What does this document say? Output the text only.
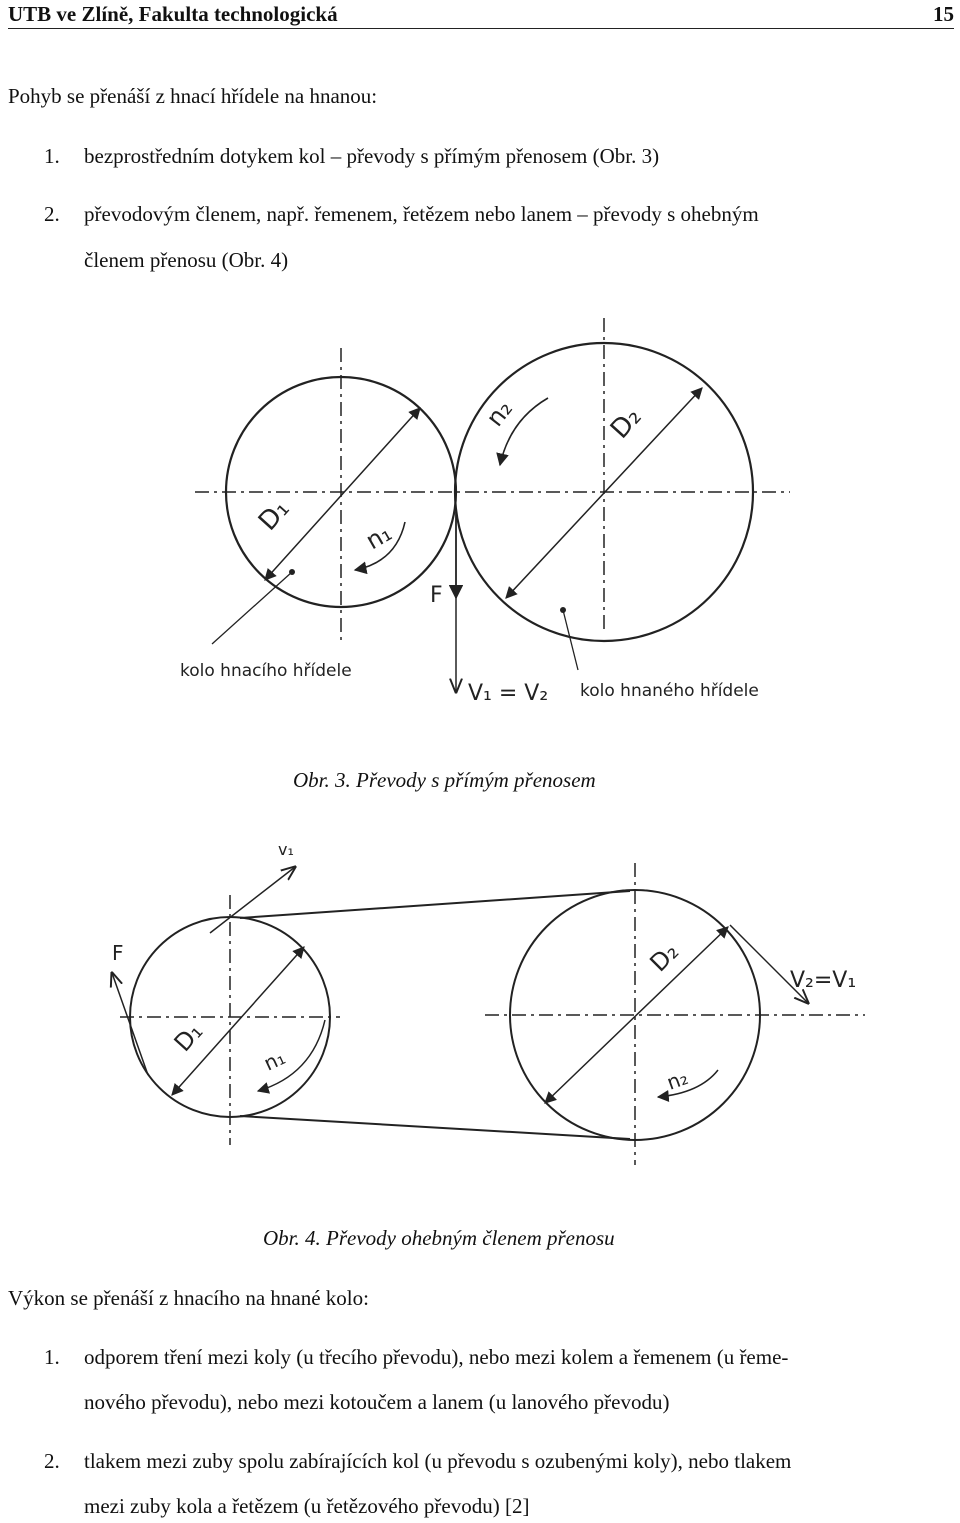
UTB ve Zlíně, Fakulta technologická	15
Pohyb se přenáší z hnací hřídele na hnanou:
1. bezprostředním dotykem kol – převody s přímým přenosem (Obr. 3)
2. převodovým členem, např. řemenem, řetězem nebo lanem – převody s ohebným
členem přenosu (Obr. 4)
D₁
D₂
n₁
n₂
F
V₁ = V₂
kolo hnacího hřídele
kolo hnaného hřídele
Obr. 3. Převody s přímým přenosem
D₁
D₂
n₁
n₂
F
V₂=V₁
v₁
Obr. 4. Převody ohebným členem přenosu
Výkon se přenáší z hnacího na hnané kolo:
1. odporem tření mezi koly (u třecího převodu), nebo mezi kolem a řemenem (u řeme-
nového převodu), nebo mezi kotoučem a lanem (u lanového převodu)
2. tlakem mezi zuby spolu zabírajících kol (u převodu s ozubenými koly), nebo tlakem
mezi zuby kola a řetězem (u řetězového převodu) [2]
